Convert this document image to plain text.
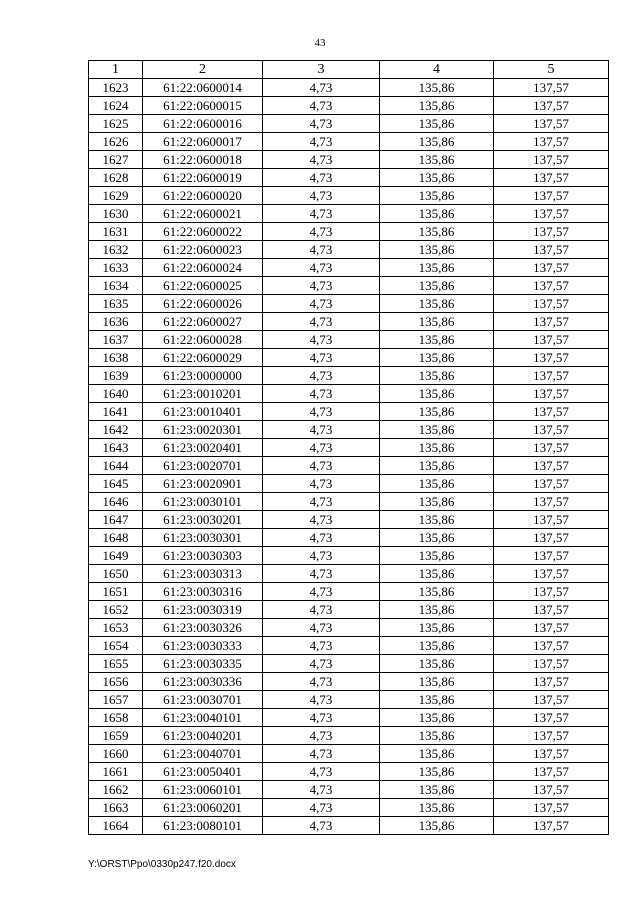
43
1	2	3	4	5
1623	61:22:0600014	4,73	135,86	137,57
1624	61:22:0600015	4,73	135,86	137,57
1625	61:22:0600016	4,73	135,86	137,57
1626	61:22:0600017	4,73	135,86	137,57
1627	61:22:0600018	4,73	135,86	137,57
1628	61:22:0600019	4,73	135,86	137,57
1629	61:22:0600020	4,73	135,86	137,57
1630	61:22:0600021	4,73	135,86	137,57
1631	61:22:0600022	4,73	135,86	137,57
1632	61:22:0600023	4,73	135,86	137,57
1633	61:22:0600024	4,73	135,86	137,57
1634	61:22:0600025	4,73	135,86	137,57
1635	61:22:0600026	4,73	135,86	137,57
1636	61:22:0600027	4,73	135,86	137,57
1637	61:22:0600028	4,73	135,86	137,57
1638	61:22:0600029	4,73	135,86	137,57
1639	61:23:0000000	4,73	135,86	137,57
1640	61:23:0010201	4,73	135,86	137,57
1641	61:23:0010401	4,73	135,86	137,57
1642	61:23:0020301	4,73	135,86	137,57
1643	61:23:0020401	4,73	135,86	137,57
1644	61:23:0020701	4,73	135,86	137,57
1645	61:23:0020901	4,73	135,86	137,57
1646	61:23:0030101	4,73	135,86	137,57
1647	61:23:0030201	4,73	135,86	137,57
1648	61:23:0030301	4,73	135,86	137,57
1649	61:23:0030303	4,73	135,86	137,57
1650	61:23:0030313	4,73	135,86	137,57
1651	61:23:0030316	4,73	135,86	137,57
1652	61:23:0030319	4,73	135,86	137,57
1653	61:23:0030326	4,73	135,86	137,57
1654	61:23:0030333	4,73	135,86	137,57
1655	61:23:0030335	4,73	135,86	137,57
1656	61:23:0030336	4,73	135,86	137,57
1657	61:23:0030701	4,73	135,86	137,57
1658	61:23:0040101	4,73	135,86	137,57
1659	61:23:0040201	4,73	135,86	137,57
1660	61:23:0040701	4,73	135,86	137,57
1661	61:23:0050401	4,73	135,86	137,57
1662	61:23:0060101	4,73	135,86	137,57
1663	61:23:0060201	4,73	135,86	137,57
1664	61:23:0080101	4,73	135,86	137,57
Y:\ORST\Ppo\0330p247.f20.docx
